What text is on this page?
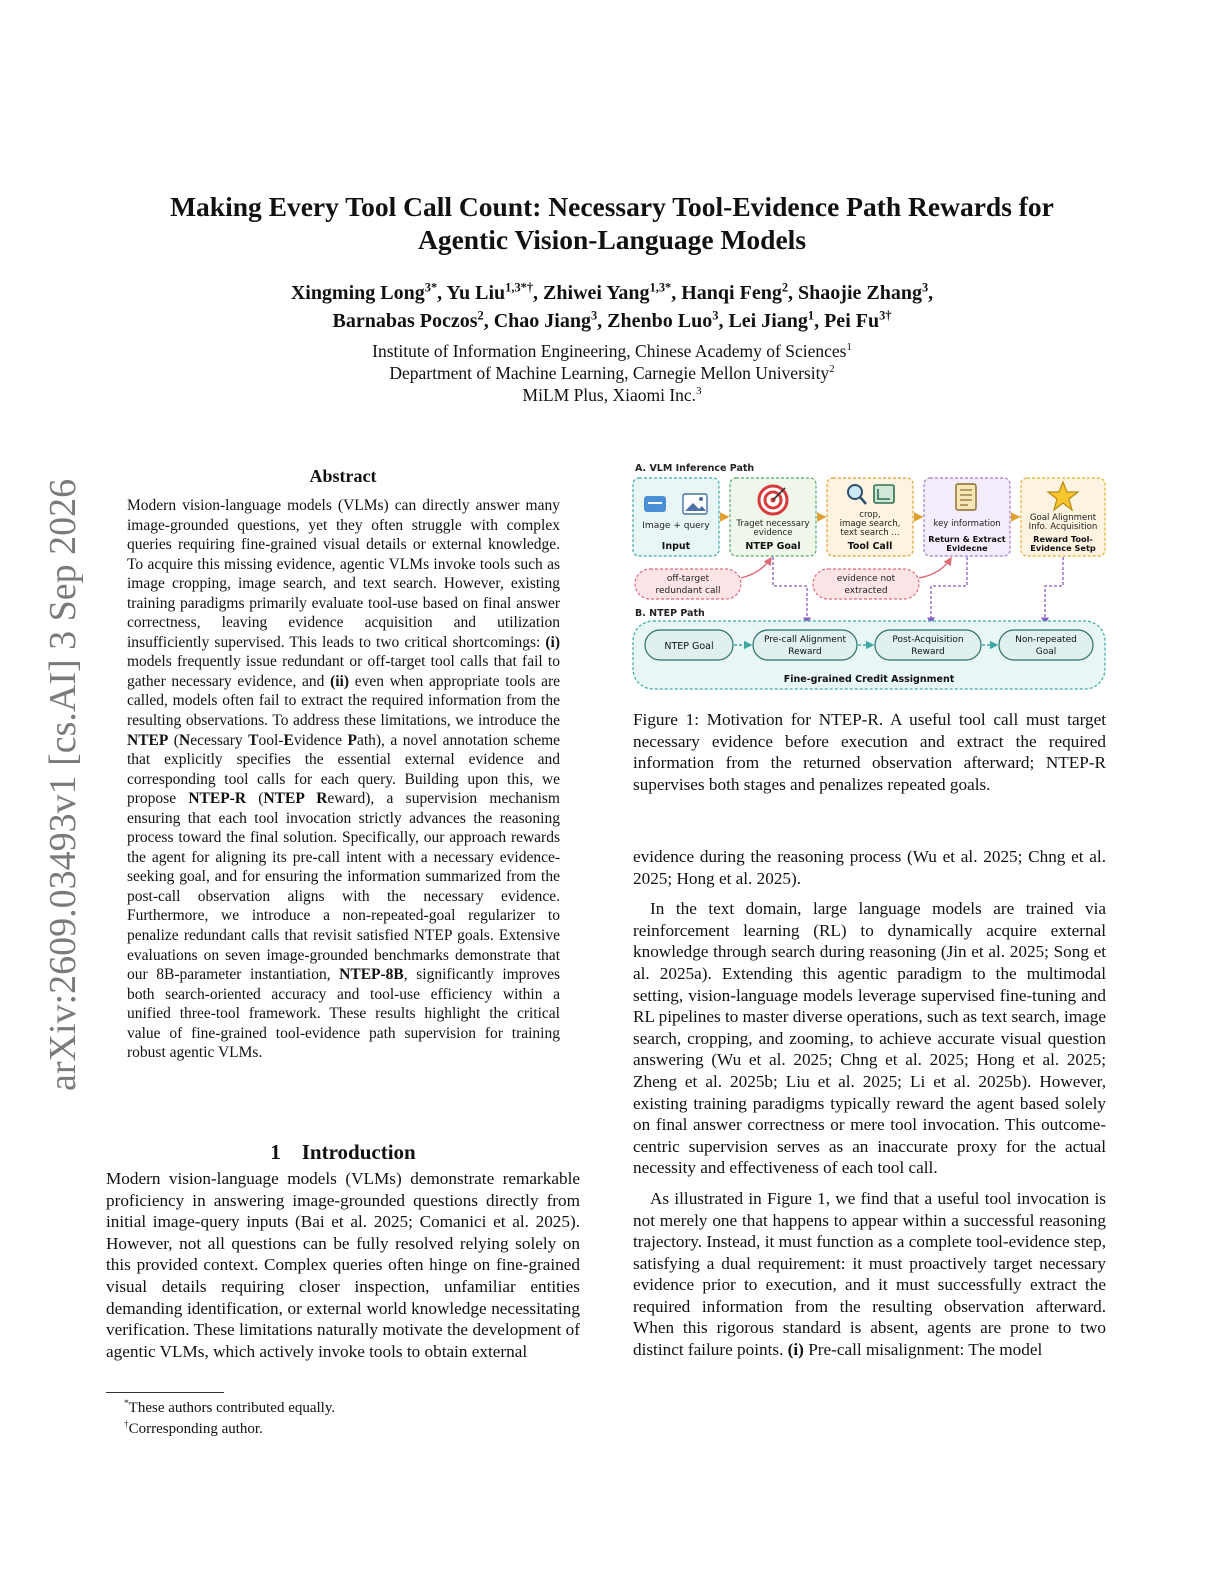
arXiv:2609.03493v1 [cs.AI] 3 Sep 2026
Making Every Tool Call Count: Necessary Tool-Evidence Path Rewards for
Agentic Vision-Language Models
Xingming Long$^{3*}$, Yu Liu$^{1,3*\dagger}$, Zhiwei Yang$^{1,3*}$, Hanqi Feng$^2$, Shaojie Zhang$^3$,
Barnabas Poczos$^2$, Chao Jiang$^3$, Zhenbo Luo$^3$, Lei Jiang$^1$, Pei $Fu^{3\dagger}$
Institute of Information Engineering, Chinese Academy of Sciences$^1$
Department of Machine Learning, Carnegie Mellon University$^2$
MiLM Plus, Xiaomi Inc.$^3$
Abstract
Modern vision-language models (VLMs) can directly answer many image-grounded questions, yet they often struggle with complex queries requiring fine-grained visual details or external knowledge. To acquire this missing evidence, agentic VLMs invoke tools such as image cropping, image search, and text search. However, existing training paradigms primarily evaluate tool-use based on final answer correctness, leaving evidence acquisition and utilization insufficiently supervised. This leads to two critical shortcomings: (i) models frequently issue redundant or off-target tool calls that fail to gather necessary evidence, and (ii) even when appropriate tools are called, models often fail to extract the required information from the resulting observations. To address these limitations, we introduce the NTEP (Necessary Tool-Evidence Path), a novel annotation scheme that explicitly specifies the essential external evidence and corresponding tool calls for each query. Building upon this, we propose NTEP-R (NTEP Reward), a supervision mechanism ensuring that each tool invocation strictly advances the reasoning process toward the final solution. Specifically, our approach rewards the agent for aligning its pre-call intent with a necessary evidence-seeking goal, and for ensuring the information summarized from the post-call observation aligns with the necessary evidence. Furthermore, we introduce a non-repeated-goal regularizer to penalize redundant calls that revisit satisfied NTEP goals. Extensive evaluations on seven image-grounded benchmarks demonstrate that our 8B-parameter instantiation, NTEP-8B, significantly improves both search-oriented accuracy and tool-use efficiency within a unified three-tool framework. These results highlight the critical value of fine-grained tool-evidence path supervision for training robust agentic VLMs.
1 Introduction

Modern vision-language models (VLMs) demonstrate remarkable proficiency in answering image-grounded questions directly from initial image-query inputs (Bai et al. 2025; Comanici et al. 2025). However, not all questions can be fully resolved relying solely on this provided context. Complex queries often hinge on fine-grained visual details requiring closer inspection, unfamiliar entities demanding identification, or external world knowledge necessitating verification. These limitations naturally motivate the development of agentic VLMs, which actively invoke tools to obtain external

*These authors contributed equally.
†Corresponding author.
A. VLM Inference Path
Image + query
Input
Traget necessary
evidence
NTEP Goal
crop,
image search,
text search ...
Tool Call
key information
Return & Extract
Evidecne
Goal Alignment
Info. Acquisition
Reward Tool-
Evidence Setp
off-target
redundant call
evidence not
extracted
B. NTEP Path
NTEP Goal
Pre-call Alignment
Reward
Post-Acquisition
Reward
Non-repeated
Goal
Fine-grained Credit Assignment
Figure 1: Motivation for NTEP-R. A useful tool call must target necessary evidence before execution and extract the required information from the returned observation afterward; NTEP-R supervises both stages and penalizes repeated goals.

evidence during the reasoning process (Wu et al. 2025; Chng et al. 2025; Hong et al. 2025).

In the text domain, large language models are trained via reinforcement learning (RL) to dynamically acquire external knowledge through search during reasoning (Jin et al. 2025; Song et al. 2025a). Extending this agentic paradigm to the multimodal setting, vision-language models leverage supervised fine-tuning and RL pipelines to master diverse operations, such as text search, image search, cropping, and zooming, to achieve accurate visual question answering (Wu et al. 2025; Chng et al. 2025; Hong et al. 2025; Zheng et al. 2025b; Liu et al. 2025; Li et al. 2025b). However, existing training paradigms typically reward the agent based solely on final answer correctness or mere tool invocation. This outcome-centric supervision serves as an inaccurate proxy for the actual necessity and effectiveness of each tool call.

As illustrated in Figure 1, we find that a useful tool invocation is not merely one that happens to appear within a successful reasoning trajectory. Instead, it must function as a complete tool-evidence step, satisfying a dual requirement: it must proactively target necessary evidence prior to execution, and it must successfully extract the required information from the resulting observation afterward. When this rigorous standard is absent, agents are prone to two distinct failure points. (i) Pre-call misalignment: The model
